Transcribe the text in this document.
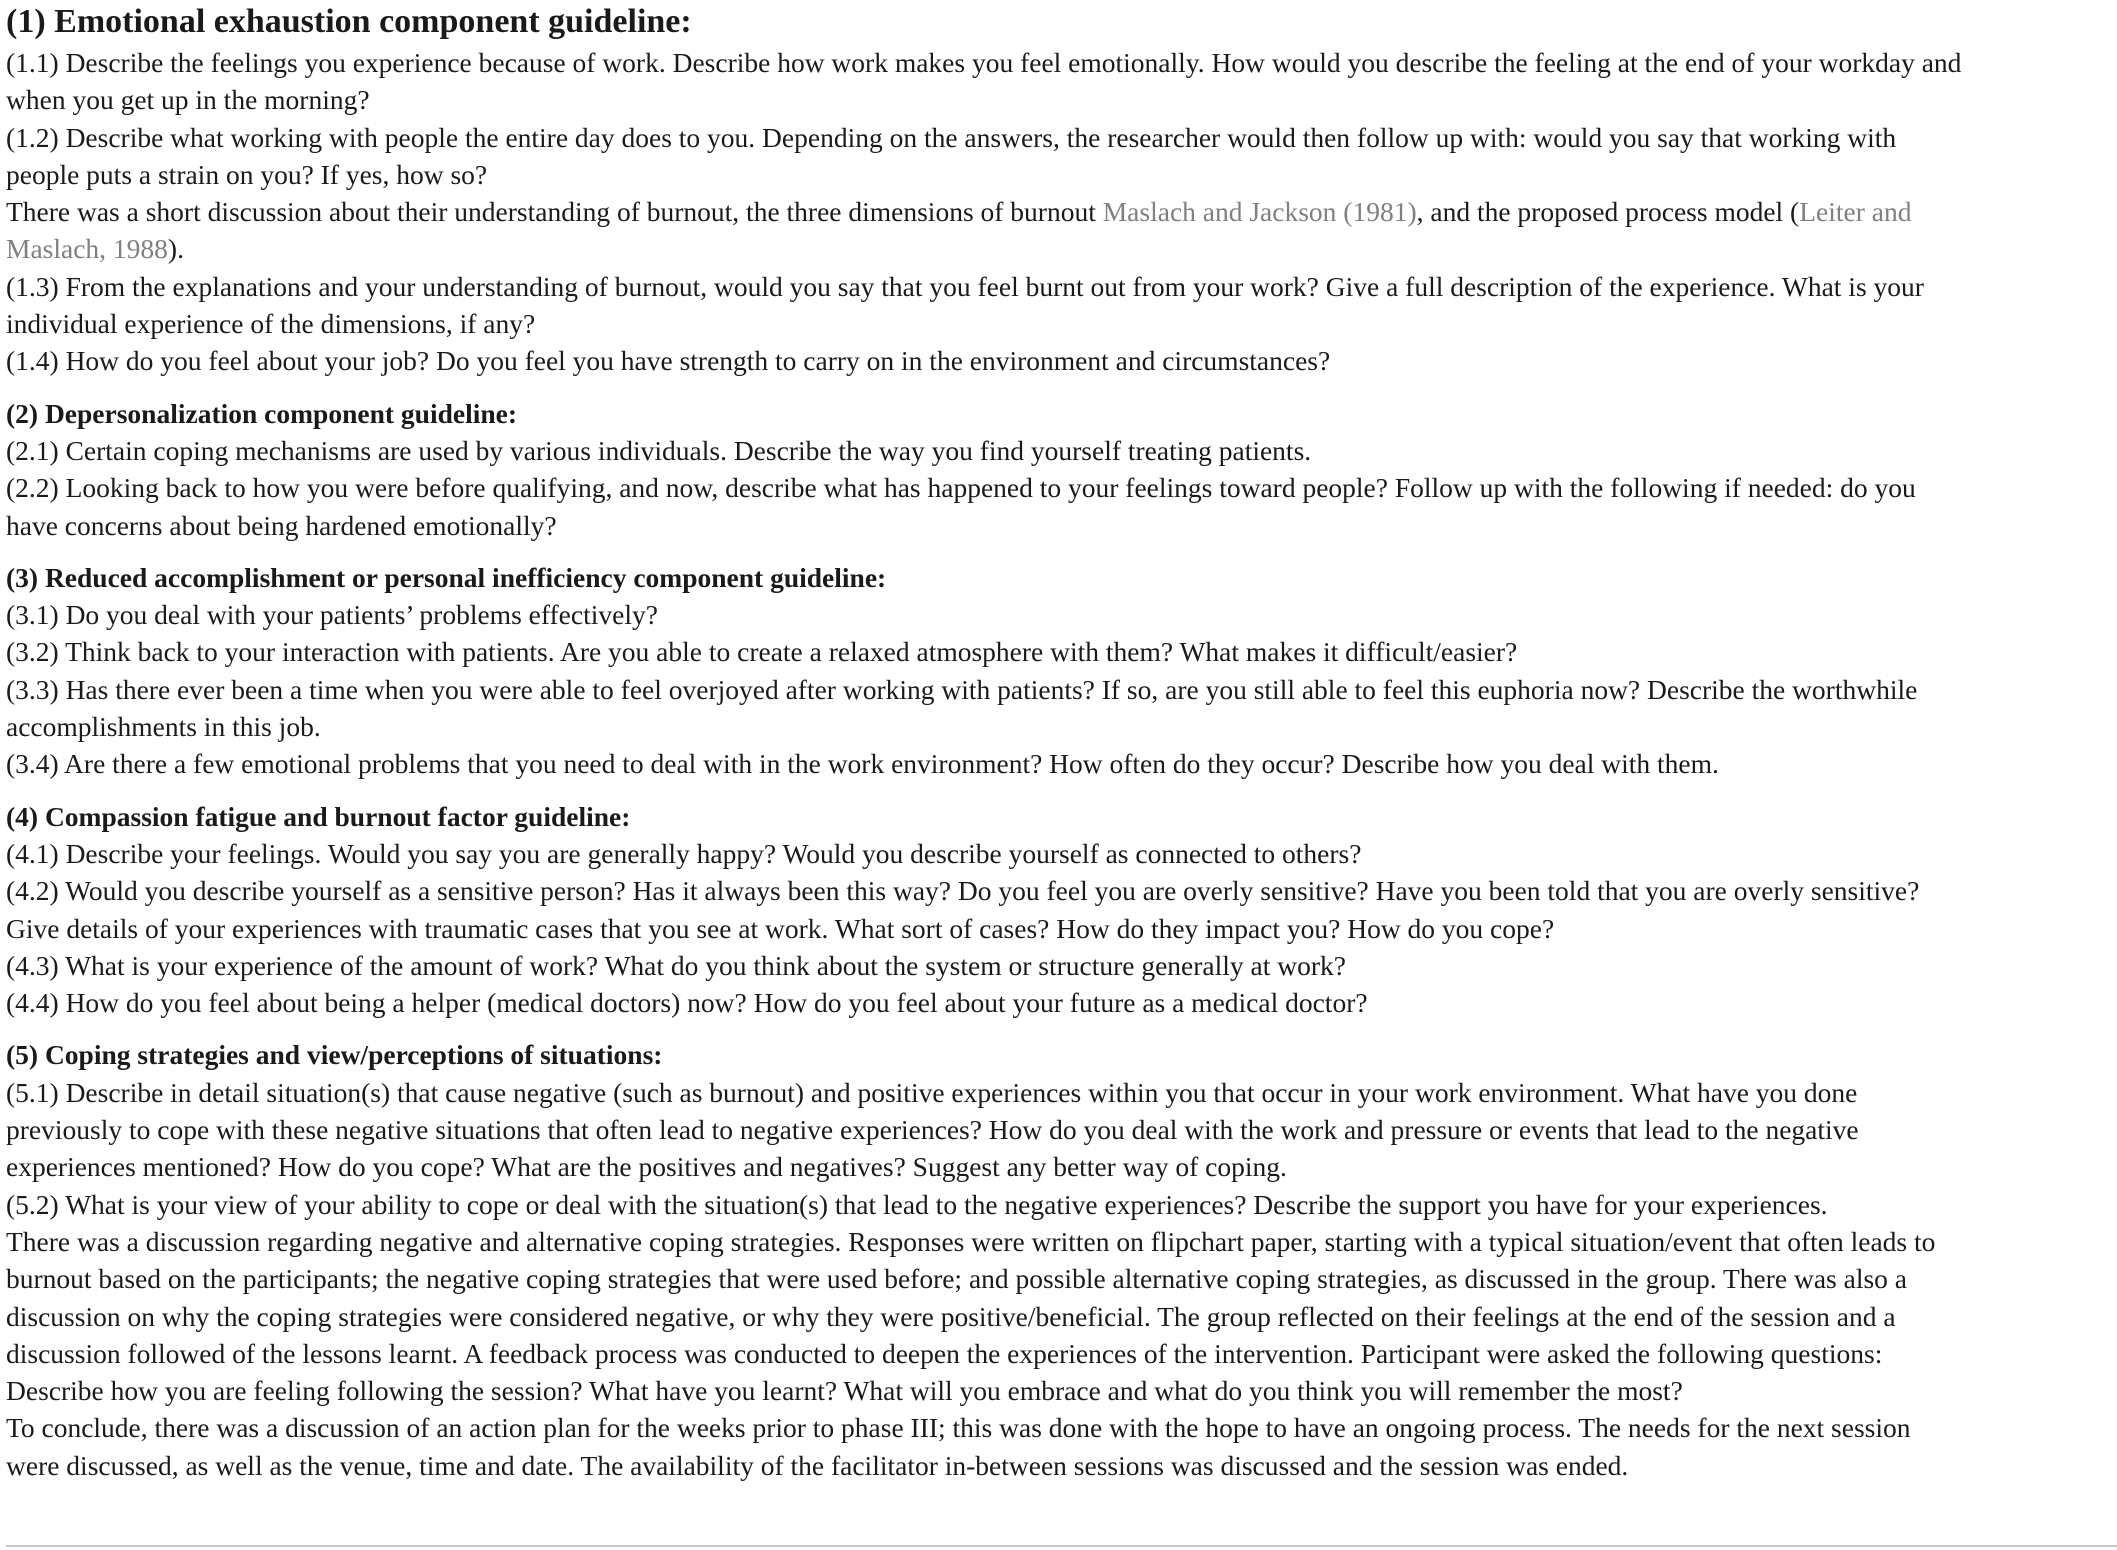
(1) Emotional exhaustion component guideline:

(1.1) Describe the feelings you experience because of work. Describe how work makes you feel emotionally. How would you describe the feeling at the end of your workday and when you get up in the morning?

(1.2) Describe what working with people the entire day does to you. Depending on the answers, the researcher would then follow up with: would you say that working with people puts a strain on you? If yes, how so?

There was a short discussion about their understanding of burnout, the three dimensions of burnout Maslach and Jackson (1981), and the proposed process model (Leiter and Maslach, 1988).

(1.3) From the explanations and your understanding of burnout, would you say that you feel burnt out from your work? Give a full description of the experience. What is your individual experience of the dimensions, if any?

(1.4) How do you feel about your job? Do you feel you have strength to carry on in the environment and circumstances?

(2) Depersonalization component guideline:

(2.1) Certain coping mechanisms are used by various individuals. Describe the way you find yourself treating patients.

(2.2) Looking back to how you were before qualifying, and now, describe what has happened to your feelings toward people? Follow up with the following if needed: do you have concerns about being hardened emotionally?

(3) Reduced accomplishment or personal inefficiency component guideline:

(3.1) Do you deal with your patients’ problems effectively?

(3.2) Think back to your interaction with patients. Are you able to create a relaxed atmosphere with them? What makes it difficult/easier?

(3.3) Has there ever been a time when you were able to feel overjoyed after working with patients? If so, are you still able to feel this euphoria now? Describe the worthwhile accomplishments in this job.

(3.4) Are there a few emotional problems that you need to deal with in the work environment? How often do they occur? Describe how you deal with them.

(4) Compassion fatigue and burnout factor guideline:

(4.1) Describe your feelings. Would you say you are generally happy? Would you describe yourself as connected to others?

(4.2) Would you describe yourself as a sensitive person? Has it always been this way? Do you feel you are overly sensitive? Have you been told that you are overly sensitive? Give details of your experiences with traumatic cases that you see at work. What sort of cases? How do they impact you? How do you cope?

(4.3) What is your experience of the amount of work? What do you think about the system or structure generally at work?

(4.4) How do you feel about being a helper (medical doctors) now? How do you feel about your future as a medical doctor?

(5) Coping strategies and view/perceptions of situations:

(5.1) Describe in detail situation(s) that cause negative (such as burnout) and positive experiences within you that occur in your work environment. What have you done previously to cope with these negative situations that often lead to negative experiences? How do you deal with the work and pressure or events that lead to the negative experiences mentioned? How do you cope? What are the positives and negatives? Suggest any better way of coping.

(5.2) What is your view of your ability to cope or deal with the situation(s) that lead to the negative experiences? Describe the support you have for your experiences.

There was a discussion regarding negative and alternative coping strategies. Responses were written on flipchart paper, starting with a typical situation/event that often leads to burnout based on the participants; the negative coping strategies that were used before; and possible alternative coping strategies, as discussed in the group. There was also a discussion on why the coping strategies were considered negative, or why they were positive/beneficial. The group reflected on their feelings at the end of the session and a discussion followed of the lessons learnt. A feedback process was conducted to deepen the experiences of the intervention. Participant were asked the following questions: Describe how you are feeling following the session? What have you learnt? What will you embrace and what do you think you will remember the most?

To conclude, there was a discussion of an action plan for the weeks prior to phase III; this was done with the hope to have an ongoing process. The needs for the next session were discussed, as well as the venue, time and date. The availability of the facilitator in-between sessions was discussed and the session was ended.
